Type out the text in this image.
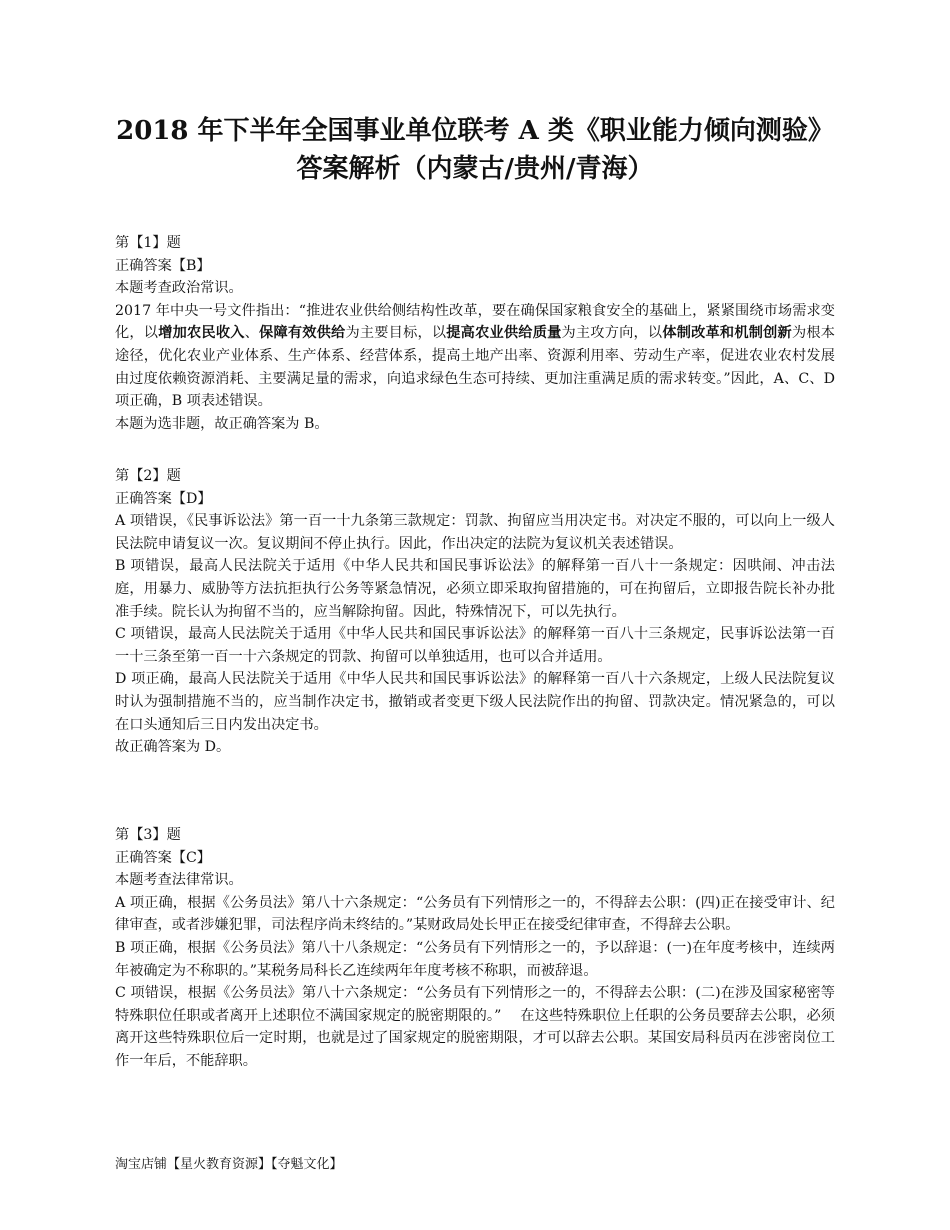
2018 年下半年全国事业单位联考 A 类《职业能力倾向测验》
答案解析（内蒙古/贵州/青海）

第【1】题

正确答案【B】

本题考查政治常识。

2017 年中央一号文件指出：“推进农业供给侧结构性改革，要在确保国家粮食安全的基础上，紧紧围绕市场需求变化，以增加农民收入、保障有效供给为主要目标，以提高农业供给质量为主攻方向，以体制改革和机制创新为根本途径，优化农业产业体系、生产体系、经营体系，提高土地产出率、资源利用率、劳动生产率，促进农业农村发展由过度依赖资源消耗、主要满足量的需求，向追求绿色生态可持续、更加注重满足质的需求转变。”因此，A、C、D 项正确，B 项表述错误。

本题为选非题，故正确答案为 B。

第【2】题

正确答案【D】

A 项错误，《民事诉讼法》第一百一十九条第三款规定：罚款、拘留应当用决定书。对决定不服的，可以向上一级人民法院申请复议一次。复议期间不停止执行。因此，作出决定的法院为复议机关表述错误。

B 项错误，最高人民法院关于适用《中华人民共和国民事诉讼法》的解释第一百八十一条规定：因哄闹、冲击法庭，用暴力、威胁等方法抗拒执行公务等紧急情况，必须立即采取拘留措施的，可在拘留后，立即报告院长补办批准手续。院长认为拘留不当的，应当解除拘留。因此，特殊情况下，可以先执行。

C 项错误，最高人民法院关于适用《中华人民共和国民事诉讼法》的解释第一百八十三条规定，民事诉讼法第一百一十三条至第一百一十六条规定的罚款、拘留可以单独适用，也可以合并适用。

D 项正确，最高人民法院关于适用《中华人民共和国民事诉讼法》的解释第一百八十六条规定，上级人民法院复议时认为强制措施不当的，应当制作决定书，撤销或者变更下级人民法院作出的拘留、罚款决定。情况紧急的，可以在口头通知后三日内发出决定书。

故正确答案为 D。

第【3】题

正确答案【C】

本题考查法律常识。

A 项正确，根据《公务员法》第八十六条规定：“公务员有下列情形之一的，不得辞去公职：(四)正在接受审计、纪律审查，或者涉嫌犯罪，司法程序尚未终结的。”某财政局处长甲正在接受纪律审查，不得辞去公职。

B 项正确，根据《公务员法》第八十八条规定：“公务员有下列情形之一的，予以辞退：(一)在年度考核中，连续两年被确定为不称职的。”某税务局科长乙连续两年年度考核不称职，而被辞退。

C 项错误，根据《公务员法》第八十六条规定：“公务员有下列情形之一的，不得辞去公职：(二)在涉及国家秘密等特殊职位任职或者离开上述职位不满国家规定的脱密期限的。”　 在这些特殊职位上任职的公务员要辞去公职，必须离开这些特殊职位后一定时期，也就是过了国家规定的脱密期限，才可以辞去公职。某国安局科员丙在涉密岗位工作一年后，不能辞职。

淘宝店铺【星火教育资源】【夺魁文化】
